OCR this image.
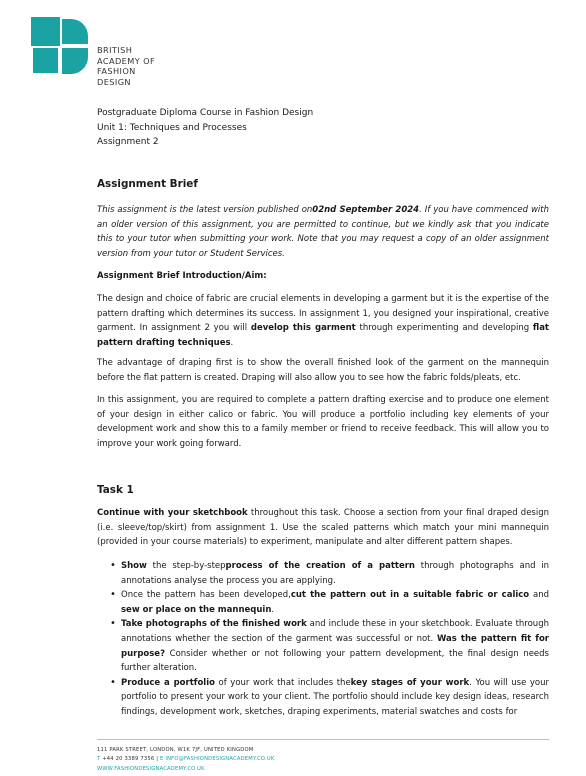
BRITISH
ACADEMY OF
FASHION
DESIGN
Postgraduate Diploma Course in Fashion Design
Unit 1: Techniques and Processes
Assignment 2
Assignment Brief
This assignment is the latest version published on02nd September 2024. If you have commenced with an older version of this assignment, you are permitted to continue, but we kindly ask that you indicate this to your tutor when submitting your work. Note that you may request a copy of an older assignment version from your tutor or Student Services.
Assignment Brief Introduction/Aim:

The design and choice of fabric are crucial elements in developing a garment but it is the expertise of the pattern drafting which determines its success. In assignment 1, you designed your inspirational, creative garment. In assignment 2 you will develop this garment through experimenting and developing flat pattern drafting techniques.

The advantage of draping first is to show the overall finished look of the garment on the mannequin before the flat pattern is created. Draping will also allow you to see how the fabric folds/pleats, etc.

In this assignment, you are required to complete a pattern drafting exercise and to produce one element of your design in either calico or fabric. You will produce a portfolio including key elements of your development work and show this to a family member or friend to receive feedback. This will allow you to improve your work going forward.

Task 1

Continue with your sketchbook throughout this task. Choose a section from your final draped design (i.e. sleeve/top/skirt) from assignment 1. Use the scaled patterns which match your mini mannequin (provided in your course materials) to experiment, manipulate and alter different pattern shapes.

• Show the step-by-stepprocess of the creation of a pattern through photographs and in annotations analyse the process you are applying.
• Once the pattern has been developed,cut the pattern out in a suitable fabric or calico and sew or place on the mannequin.
• Take photographs of the finished work and include these in your sketchbook. Evaluate through annotations whether the section of the garment was successful or not. Was the pattern fit for purpose? Consider whether or not following your pattern development, the final design needs further alteration.
• Produce a portfolio of your work that includes thekey stages of your work. You will use your portfolio to present your work to your client. The portfolio should include key design ideas, research findings, development work, sketches, draping experiments, material swatches and costs for
111 PARK STREET, LONDON, W1K 7JF, UNITED KINGDOM
T +44 20 3389 7356 | E INFO@FASHIONDESIGNACADEMY.CO.UK
WWW.FASHIONDESIGNACADEMY.CO.UK
